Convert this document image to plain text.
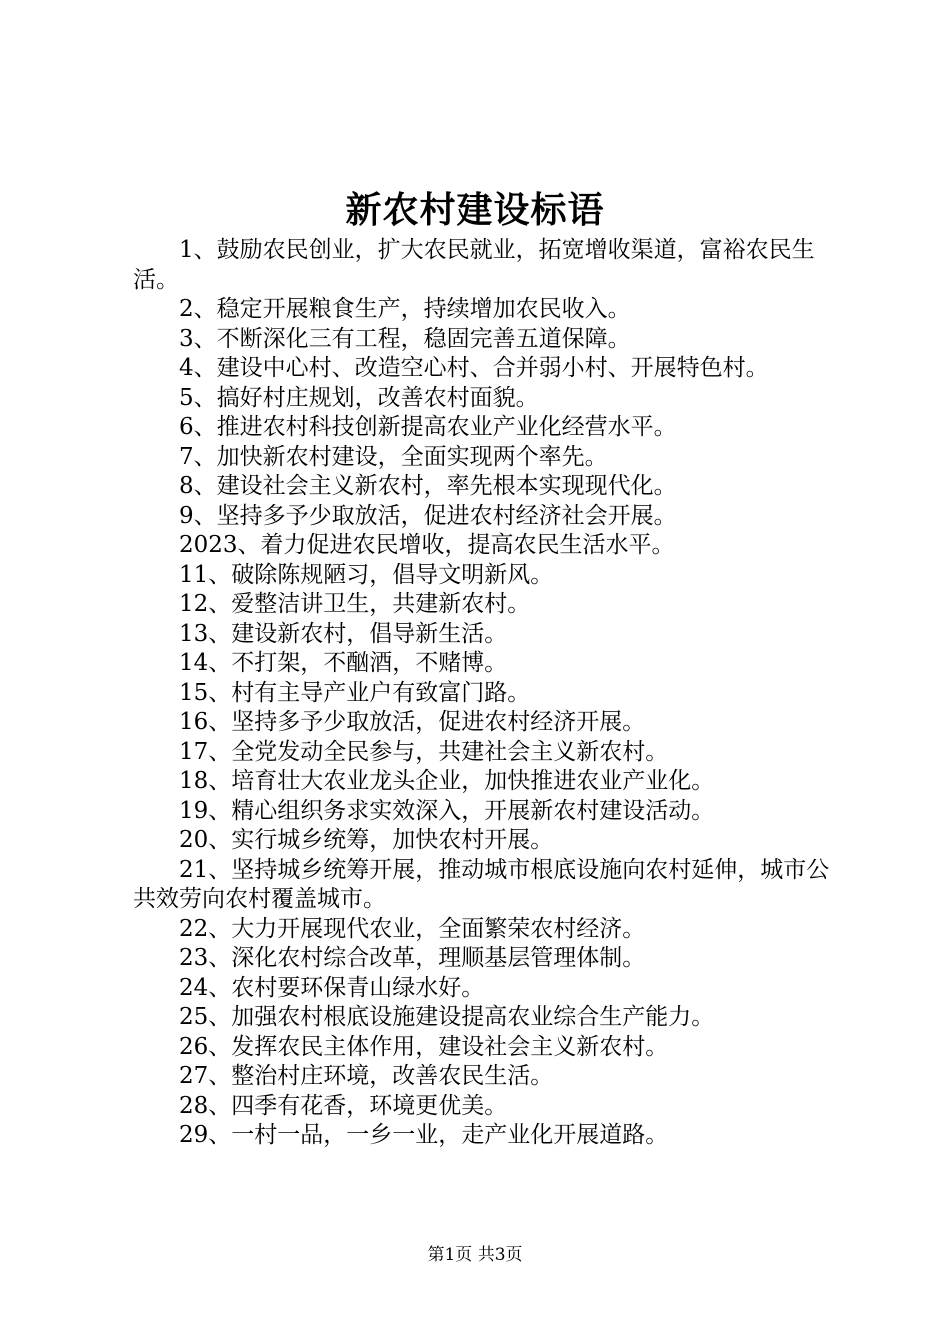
新农村建设标语

1、鼓励农民创业，扩大农民就业，拓宽增收渠道，富裕农民生活。

2、稳定开展粮食生产，持续增加农民收入。

3、不断深化三有工程，稳固完善五道保障。

4、建设中心村、改造空心村、合并弱小村、开展特色村。

5、搞好村庄规划，改善农村面貌。

6、推进农村科技创新提高农业产业化经营水平。

7、加快新农村建设，全面实现两个率先。

8、建设社会主义新农村，率先根本实现现代化。

9、坚持多予少取放活，促进农村经济社会开展。

2023、着力促进农民增收，提高农民生活水平。

11、破除陈规陋习，倡导文明新风。

12、爱整洁讲卫生，共建新农村。

13、建设新农村，倡导新生活。

14、不打架，不酗酒，不赌博。

15、村有主导产业户有致富门路。

16、坚持多予少取放活，促进农村经济开展。

17、全党发动全民参与，共建社会主义新农村。

18、培育壮大农业龙头企业，加快推进农业产业化。

19、精心组织务求实效深入，开展新农村建设活动。

20、实行城乡统筹，加快农村开展。

21、坚持城乡统筹开展，推动城市根底设施向农村延伸，城市公共效劳向农村覆盖城市。

22、大力开展现代农业，全面繁荣农村经济。

23、深化农村综合改革，理顺基层管理体制。

24、农村要环保青山绿水好。

25、加强农村根底设施建设提高农业综合生产能力。

26、发挥农民主体作用，建设社会主义新农村。

27、整治村庄环境，改善农民生活。

28、四季有花香，环境更优美。

29、一村一品，一乡一业，走产业化开展道路。

第1页 共3页
